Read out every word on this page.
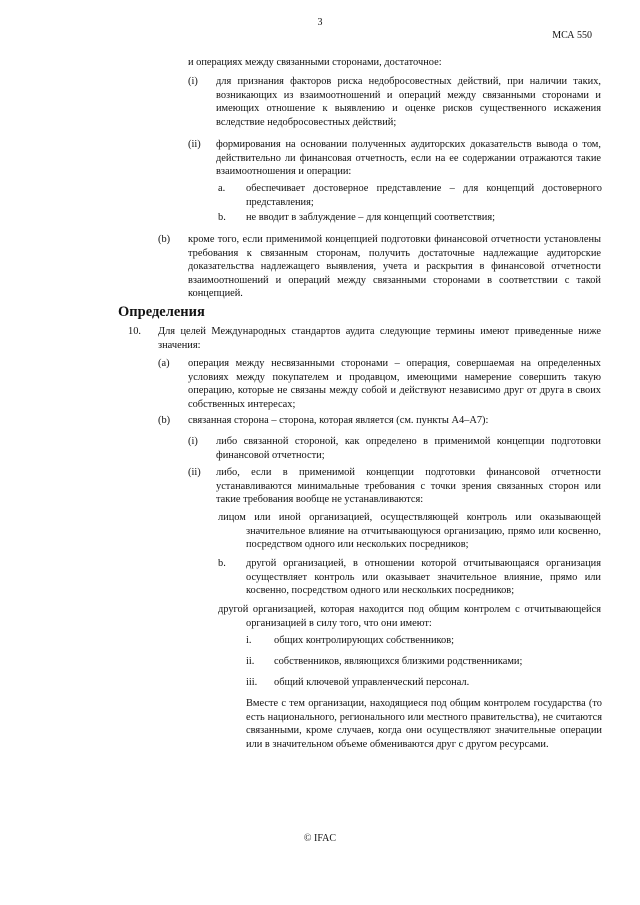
3
МСА 550
и операциях между связанными сторонами, достаточное:
(i) для признания факторов риска недобросовестных действий, при наличии таких, возникающих из взаимоотношений и операций между связанными сторонами и имеющих отношение к выявлению и оценке рисков существенного искажения вследствие недобросовестных действий;
(ii) формирования на основании полученных аудиторских доказательств вывода о том, действительно ли финансовая отчетность, если на ее содержании отражаются такие взаимоотношения и операции:
a. обеспечивает достоверное представление – для концепций достоверного представления;
b. не вводит в заблуждение – для концепций соответствия;
(b) кроме того, если применимой концепцией подготовки финансовой отчетности установлены требования к связанным сторонам, получить достаточные надлежащие аудиторские доказательства надлежащего выявления, учета и раскрытия в финансовой отчетности взаимоотношений и операций между связанными сторонами в соответствии с такой концепцией.
Определения
10. Для целей Международных стандартов аудита следующие термины имеют приведенные ниже значения:
(a) операция между несвязанными сторонами – операция, совершаемая на определенных условиях между покупателем и продавцом, имеющими намерение совершить такую операцию, которые не связаны между собой и действуют независимо друг от друга в своих собственных интересах;
(b) связанная сторона – сторона, которая является (см. пункты A4–A7):
(i) либо связанной стороной, как определено в применимой концепции подготовки финансовой отчетности;
(ii) либо, если в применимой концепции подготовки финансовой отчетности устанавливаются минимальные требования с точки зрения связанных сторон или такие требования вообще не устанавливаются:
лицом или иной организацией, осуществляющей контроль или оказывающей значительное влияние на отчитывающуюся организацию, прямо или косвенно, посредством одного или нескольких посредников;
b. другой организацией, в отношении которой отчитывающаяся организация осуществляет контроль или оказывает значительное влияние, прямо или косвенно, посредством одного или нескольких посредников;
другой организацией, которая находится под общим контролем с отчитывающейся организацией в силу того, что они имеют:
i. общих контролирующих собственников;
ii. собственников, являющихся близкими родственниками;
iii. общий ключевой управленческий персонал.
Вместе с тем организации, находящиеся под общим контролем государства (то есть национального, регионального или местного правительства), не считаются связанными, кроме случаев, когда они осуществляют значительные операции или в значительном объеме обмениваются друг с другом ресурсами.
© IFAC
